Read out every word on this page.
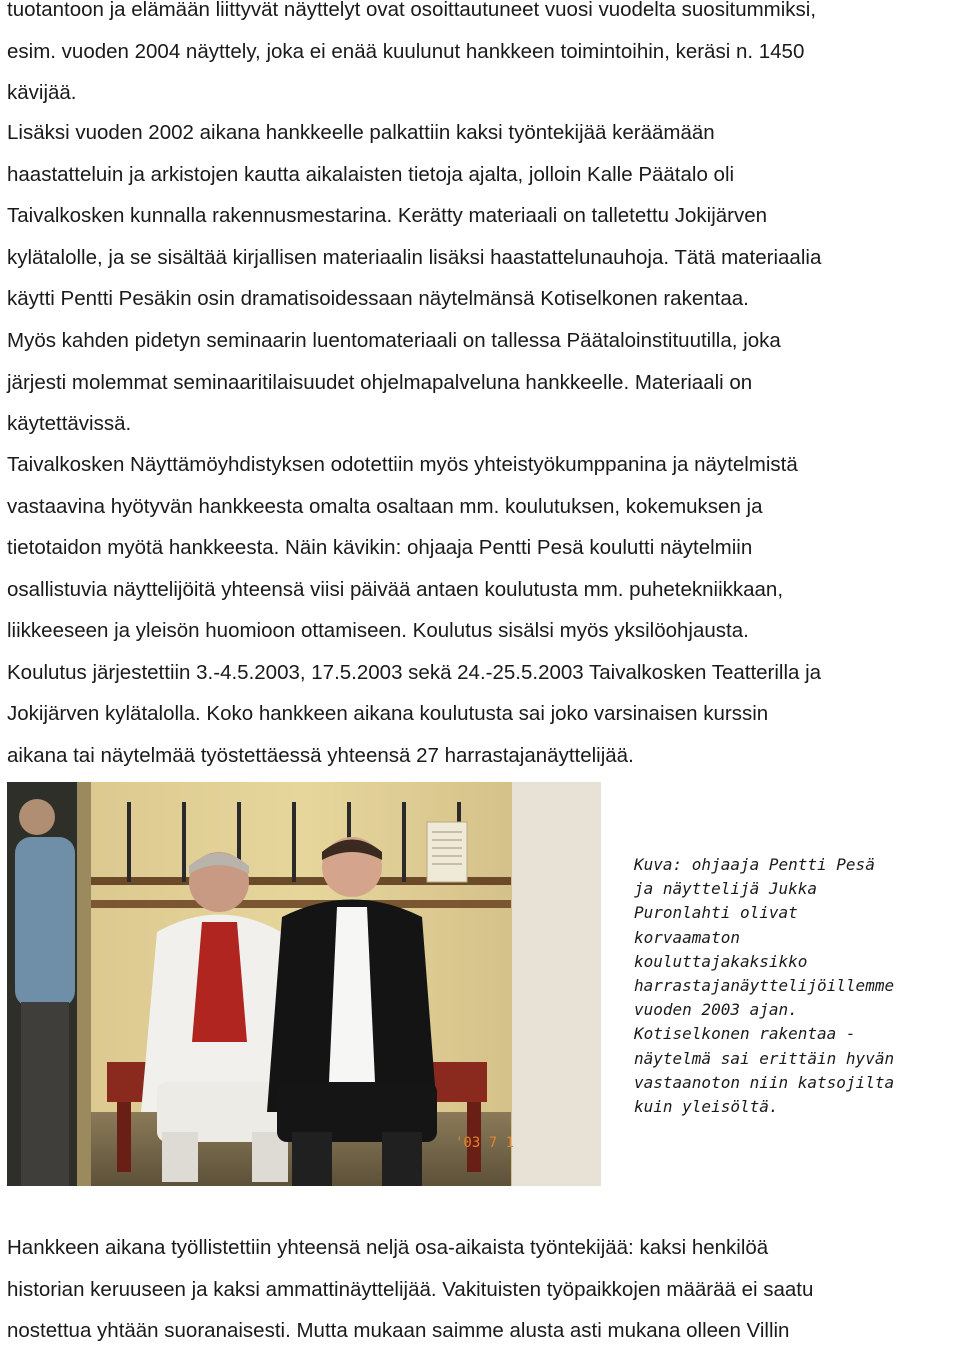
tuotantoon ja elämään liittyvät näyttelyt ovat osoittautuneet vuosi vuodelta suositummiksi,
esim. vuoden 2004 näyttely, joka ei enää kuulunut hankkeen toimintoihin, keräsi n. 1450
kävijää.

Lisäksi vuoden 2002 aikana hankkeelle palkattiin kaksi työntekijää keräämään
haastatteluin ja arkistojen kautta aikalaisten tietoja ajalta, jolloin Kalle Päätalo oli
Taivalkosken kunnalla rakennusmestarina. Kerätty materiaali on talletettu Jokijärven
kylätalolle, ja se sisältää kirjallisen materiaalin lisäksi haastattelunauhoja. Tätä materiaalia
käytti Pentti Pesäkin osin dramatisoidessaan näytelmänsä Kotiselkonen rakentaa.

Myös kahden pidetyn seminaarin luentomateriaali on tallessa Päätaloinstituutilla, joka
järjesti molemmat seminaaritilaisuudet ohjelmapalveluna hankkeelle. Materiaali on
käytettävissä.

Taivalkosken Näyttämöyhdistyksen odotettiin myös yhteistyökumppanina ja näytelmistä
vastaavina hyötyvän hankkeesta omalta osaltaan mm. koulutuksen, kokemuksen ja
tietotaidon myötä hankkeesta. Näin kävikin: ohjaaja Pentti Pesä koulutti näytelmiin
osallistuvia näyttelijöitä yhteensä viisi päivää antaen koulutusta mm. puhetekniikkaan,
liikkeeseen ja yleisön huomioon ottamiseen. Koulutus sisälsi myös yksilöohjausta.
Koulutus järjestettiin 3.-4.5.2003, 17.5.2003 sekä 24.-25.5.2003 Taivalkosken Teatterilla ja
Jokijärven kylätalolla. Koko hankkeen aikana koulutusta sai joko varsinaisen kurssin
aikana tai näytelmää työstettäessä yhteensä 27 harrastajanäyttelijää.

'03 7 1

Kuva: ohjaaja Pentti Pesä
ja näyttelijä Jukka
Puronlahti olivat
korvaamaton
kouluttajakaksikko
harrastajanäyttelijöillemme
vuoden 2003 ajan.
Kotiselkonen rakentaa -
näytelmä sai erittäin hyvän
vastaanoton niin katsojilta
kuin yleisöltä.

Hankkeen aikana työllistettiin yhteensä neljä osa-aikaista työntekijää: kaksi henkilöä
historian keruuseen ja kaksi ammattinäyttelijää. Vakituisten työpaikkojen määrää ei saatu
nostettua yhtään suoranaisesti. Mutta mukaan saimme alusta asti mukana olleen Villin
